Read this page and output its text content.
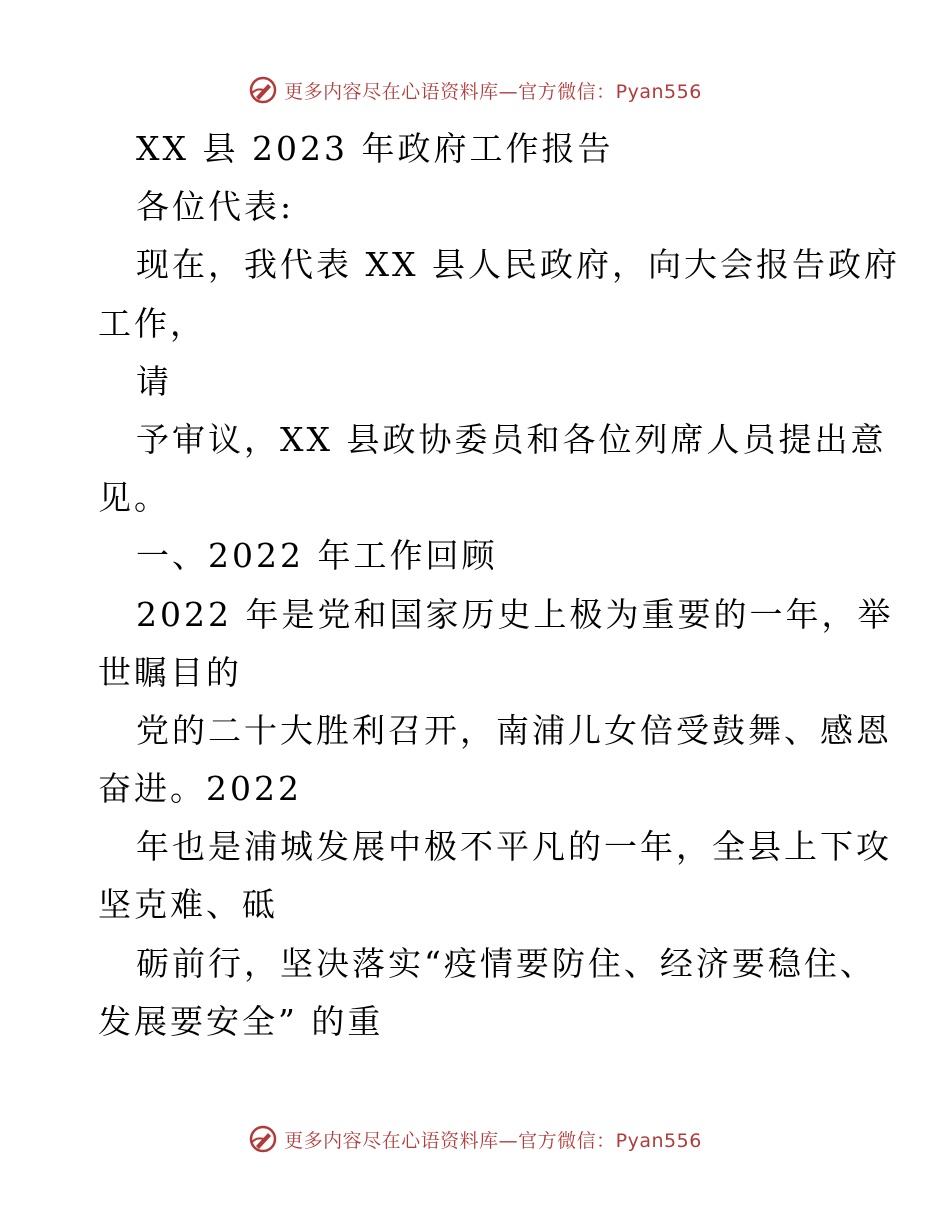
更多内容尽在心语资料库—官方微信：Pyan556
XX 县 2023 年政府工作报告
各位代表:
现在，我代表 XX 县人民政府，向大会报告政府
工作，
请
予审议，XX 县政协委员和各位列席人员提出意
见。
一、2022 年工作回顾
2022 年是党和国家历史上极为重要的一年，举
世瞩目的
党的二十大胜利召开，南浦儿女倍受鼓舞、感恩
奋进。2022
年也是浦城发展中极不平凡的一年，全县上下攻
坚克难、砥
砺前行，坚决落实“疫情要防住、经济要稳住、
发展要安全” 的重
更多内容尽在心语资料库—官方微信：Pyan556
